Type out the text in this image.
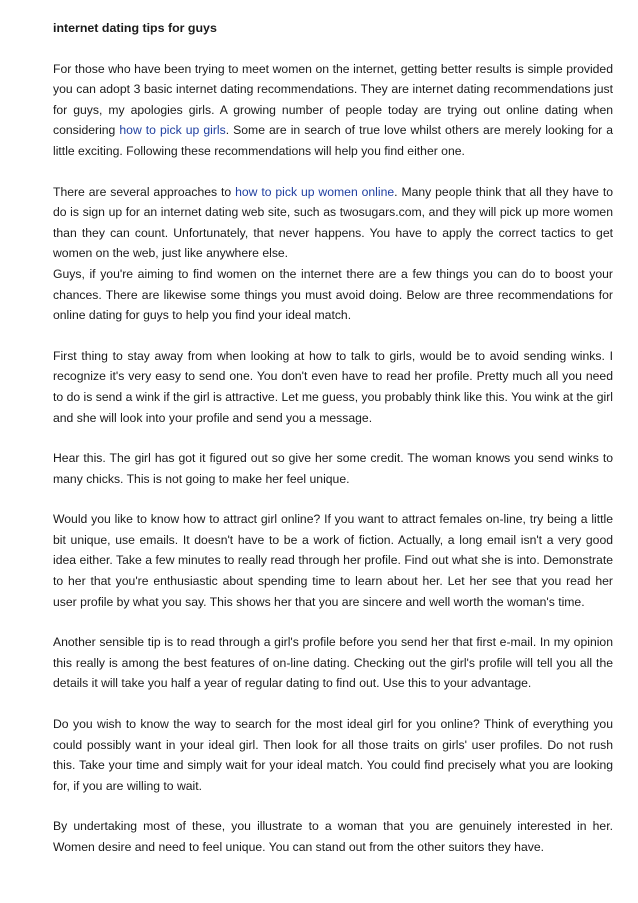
internet dating tips for guys

For those who have been trying to meet women on the internet, getting better results is simple provided you can adopt 3 basic internet dating recommendations. They are internet dating recommendations just for guys, my apologies girls. A growing number of people today are trying out online dating when considering how to pick up girls. Some are in search of true love whilst others are merely looking for a little exciting. Following these recommendations will help you find either one.

There are several approaches to how to pick up women online. Many people think that all they have to do is sign up for an internet dating web site, such as twosugars.com, and they will pick up more women than they can count. Unfortunately, that never happens. You have to apply the correct tactics to get women on the web, just like anywhere else.

Guys, if you're aiming to find women on the internet there are a few things you can do to boost your chances. There are likewise some things you must avoid doing. Below are three recommendations for online dating for guys to help you find your ideal match.

First thing to stay away from when looking at how to talk to girls, would be to avoid sending winks. I recognize it's very easy to send one. You don't even have to read her profile. Pretty much all you need to do is send a wink if the girl is attractive. Let me guess, you probably think like this. You wink at the girl and she will look into your profile and send you a message.

Hear this. The girl has got it figured out so give her some credit. The woman knows you send winks to many chicks. This is not going to make her feel unique.

Would you like to know how to attract girl online? If you want to attract females on-line, try being a little bit unique, use emails. It doesn't have to be a work of fiction. Actually, a long email isn't a very good idea either. Take a few minutes to really read through her profile. Find out what she is into. Demonstrate to her that you're enthusiastic about spending time to learn about her. Let her see that you read her user profile by what you say. This shows her that you are sincere and well worth the woman's time.

Another sensible tip is to read through a girl's profile before you send her that first e-mail. In my opinion this really is among the best features of on-line dating. Checking out the girl's profile will tell you all the details it will take you half a year of regular dating to find out. Use this to your advantage.

Do you wish to know the way to search for the most ideal girl for you online? Think of everything you could possibly want in your ideal girl. Then look for all those traits on girls' user profiles. Do not rush this. Take your time and simply wait for your ideal match. You could find precisely what you are looking for, if you are willing to wait.

By undertaking most of these, you illustrate to a woman that you are genuinely interested in her. Women desire and need to feel unique. You can stand out from the other suitors they have.
